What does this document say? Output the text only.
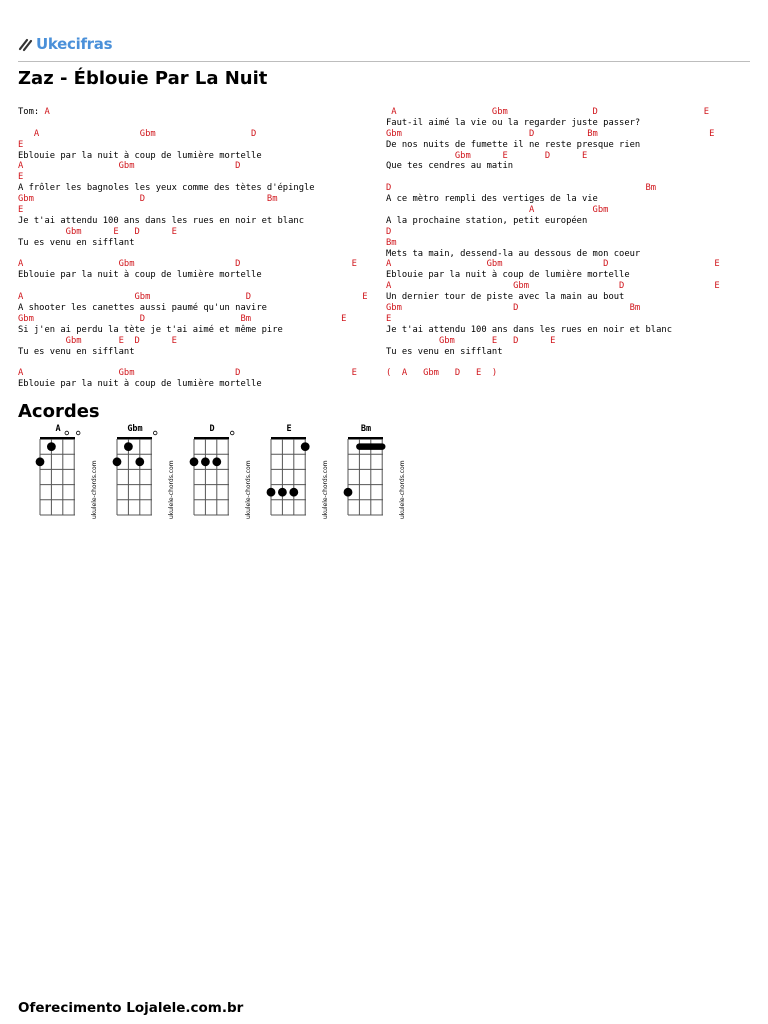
Ukecifras
Zaz - Éblouie Par La Nuit
Tom: A

A                   Gbm                  D
E
Eblouie par la nuit à coup de lumière mortelle
A                  Gbm                   D
E
A frôler les bagnoles les yeux comme des tètes d'épingle
Gbm                    D                       Bm
E
Je t'ai attendu 100 ans dans les rues en noir et blanc
Gbm      E   D      E
Tu es venu en sifflant

A                  Gbm                   D                     E
Eblouie par la nuit à coup de lumière mortelle

A                     Gbm                  D                     E
A shooter les canettes aussi paumé qu'un navire
Gbm                    D                  Bm                 E
Si j'en ai perdu la tète je t'ai aimé et même pire
Gbm       E  D      E
Tu es venu en sifflant

A                  Gbm                   D                     E
Eblouie par la nuit à coup de lumière mortelle
A                  Gbm                D                    E
Faut-il aimé la vie ou la regarder juste passer?
Gbm                        D          Bm                     E
De nos nuits de fumette il ne reste presque rien
Gbm      E       D      E
Que tes cendres au matin

D                                                Bm
A ce mètro rempli des vertiges de la vie
A           Gbm
A la prochaine station, petit européen
D
Bm
Mets ta main, dessend-la au dessous de mon coeur
A                  Gbm                   D                    E
Eblouie par la nuit à coup de lumière mortelle
A                       Gbm                 D                 E
Un dernier tour de piste avec la main au bout
Gbm                     D                     Bm
E
Je t'ai attendu 100 ans dans les rues en noir et blanc
Gbm       E   D      E
Tu es venu en sifflant

(  A   Gbm   D   E  )
Acordes
A
ukulele-chords.com
Gbm
ukulele-chords.com
D
ukulele-chords.com
E
ukulele-chords.com
Bm
ukulele-chords.com
Oferecimento Lojalele.com.br
